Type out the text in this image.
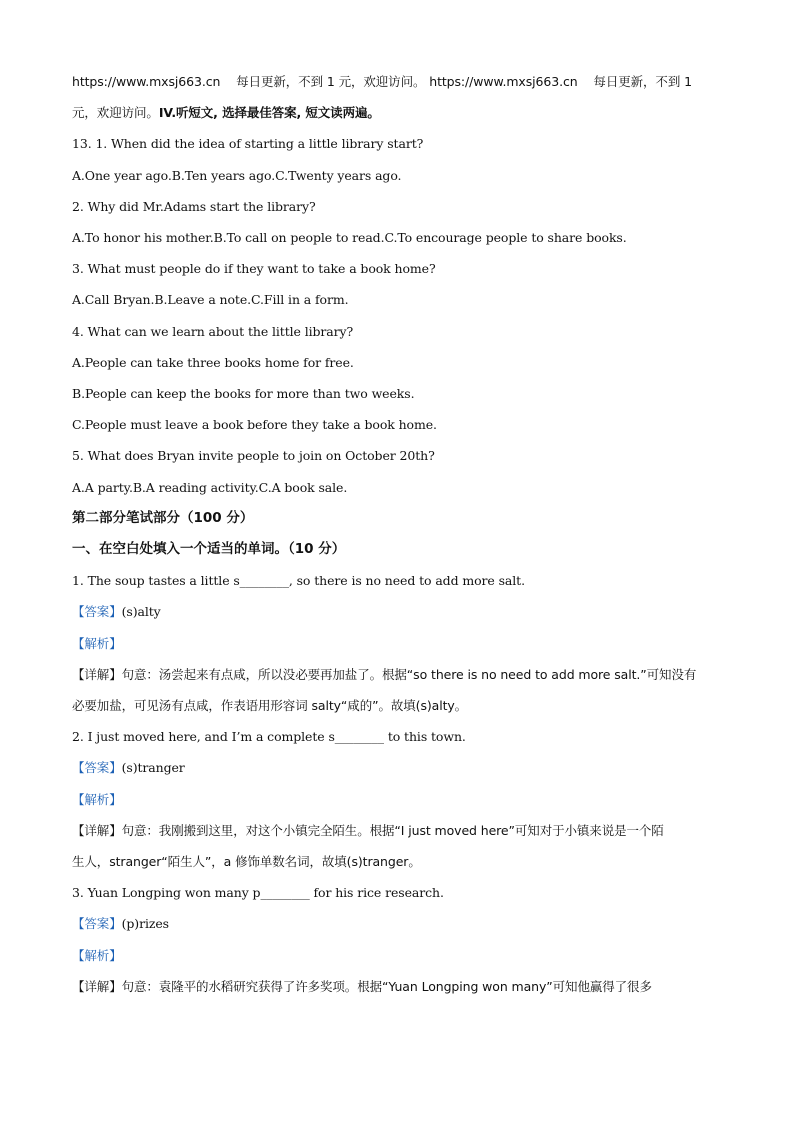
https://www.mxsj663.cn 每日更新，不到 1 元，欢迎访问。 https://www.mxsj663.cn 每日更新，不到 1
元，欢迎访问。IV.听短文, 选择最佳答案, 短文读两遍。
13. 1. When did the idea of starting a little library start?
A.One year ago.B.Ten years ago.C.Twenty years ago.
2. Why did Mr.Adams start the library?
A.To honor his mother.B.To call on people to read.C.To encourage people to share books.
3. What must people do if they want to take a book home?
A.Call Bryan.B.Leave a note.C.Fill in a form.
4. What can we learn about the little library?
A.People can take three books home for free.
B.People can keep the books for more than two weeks.
C.People must leave a book before they take a book home.
5. What does Bryan invite people to join on October 20th?
A.A party.B.A reading activity.C.A book sale.
第二部分笔试部分（100 分）
一、在空白处填入一个适当的单词。（10 分）
1. The soup tastes a little s________, so there is no need to add more salt.
【答案】(s)alty
【解析】
【详解】句意：汤尝起来有点咸，所以没必要再加盐了。根据“so there is no need to add more salt.”可知没有
必要加盐，可见汤有点咸，作表语用形容词 salty“咸的”。故填(s)alty。
2. I just moved here, and I’m a complete s________ to this town.
【答案】(s)tranger
【解析】
【详解】句意：我刚搬到这里，对这个小镇完全陌生。根据“I just moved here”可知对于小镇来说是一个陌
生人，stranger“陌生人”，a 修饰单数名词，故填(s)tranger。
3. Yuan Longping won many p________ for his rice research.
【答案】(p)rizes
【解析】
【详解】句意：袁隆平的水稻研究获得了许多奖项。根据“Yuan Longping won many”可知他赢得了很多
